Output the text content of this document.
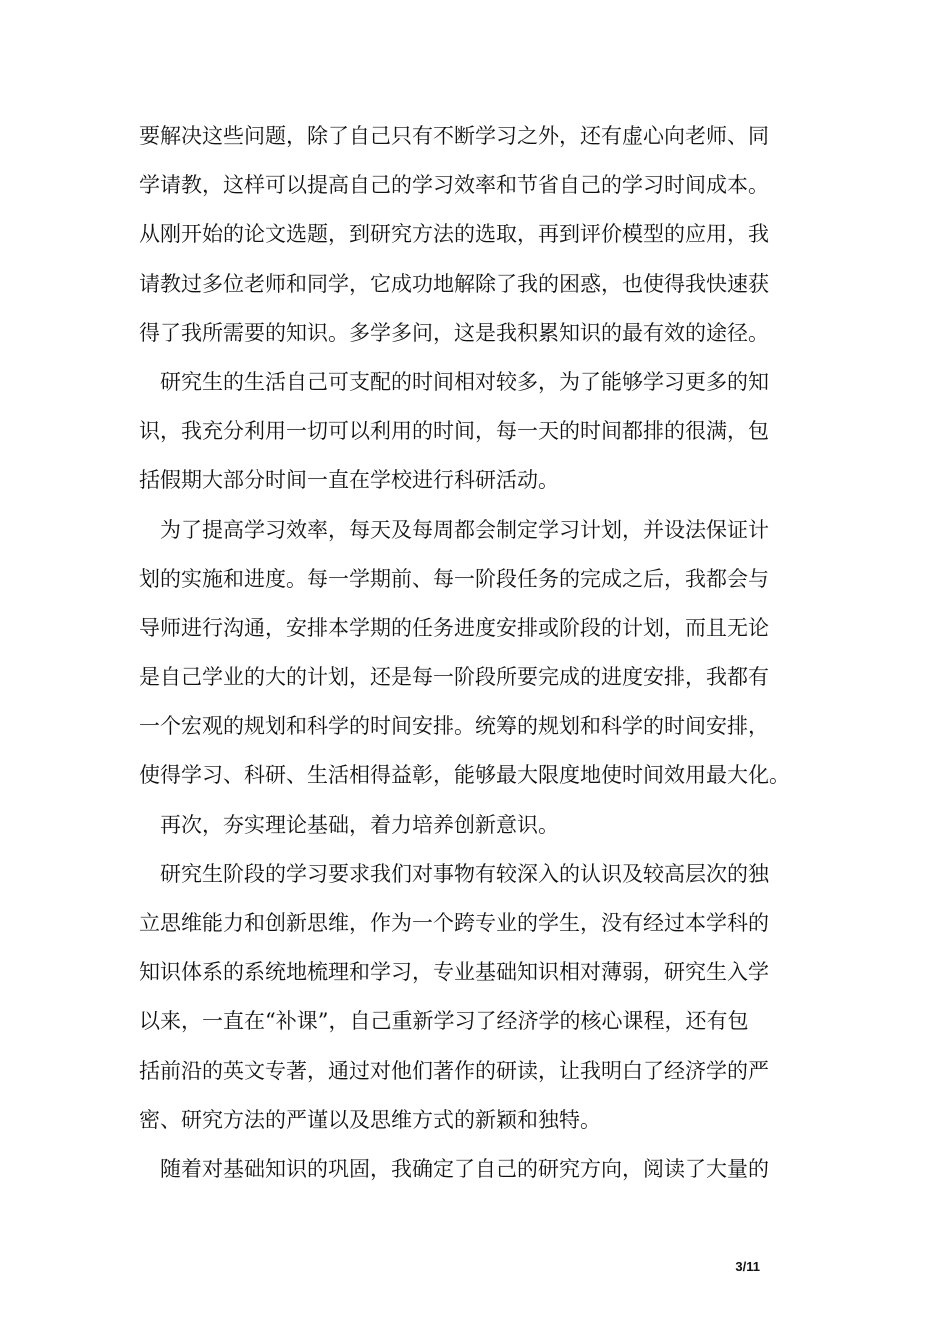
要解决这些问题，除了自己只有不断学习之外，还有虚心向老师、同
学请教，这样可以提高自己的学习效率和节省自己的学习时间成本。
从刚开始的论文选题，到研究方法的选取，再到评价模型的应用，我
请教过多位老师和同学，它成功地解除了我的困惑，也使得我快速获
得了我所需要的知识。多学多问，这是我积累知识的最有效的途径。
研究生的生活自己可支配的时间相对较多，为了能够学习更多的知
识，我充分利用一切可以利用的时间，每一天的时间都排的很满，包
括假期大部分时间一直在学校进行科研活动。
为了提高学习效率，每天及每周都会制定学习计划，并设法保证计
划的实施和进度。每一学期前、每一阶段任务的完成之后，我都会与
导师进行沟通，安排本学期的任务进度安排或阶段的计划，而且无论
是自己学业的大的计划，还是每一阶段所要完成的进度安排，我都有
一个宏观的规划和科学的时间安排。统筹的规划和科学的时间安排，
使得学习、科研、生活相得益彰，能够最大限度地使时间效用最大化。
再次，夯实理论基础，着力培养创新意识。
研究生阶段的学习要求我们对事物有较深入的认识及较高层次的独
立思维能力和创新思维，作为一个跨专业的学生，没有经过本学科的
知识体系的系统地梳理和学习，专业基础知识相对薄弱，研究生入学
以来，一直在“补课”，自己重新学习了经济学的核心课程，还有包
括前沿的英文专著，通过对他们著作的研读，让我明白了经济学的严
密、研究方法的严谨以及思维方式的新颖和独特。
随着对基础知识的巩固，我确定了自己的研究方向，阅读了大量的
3/11
